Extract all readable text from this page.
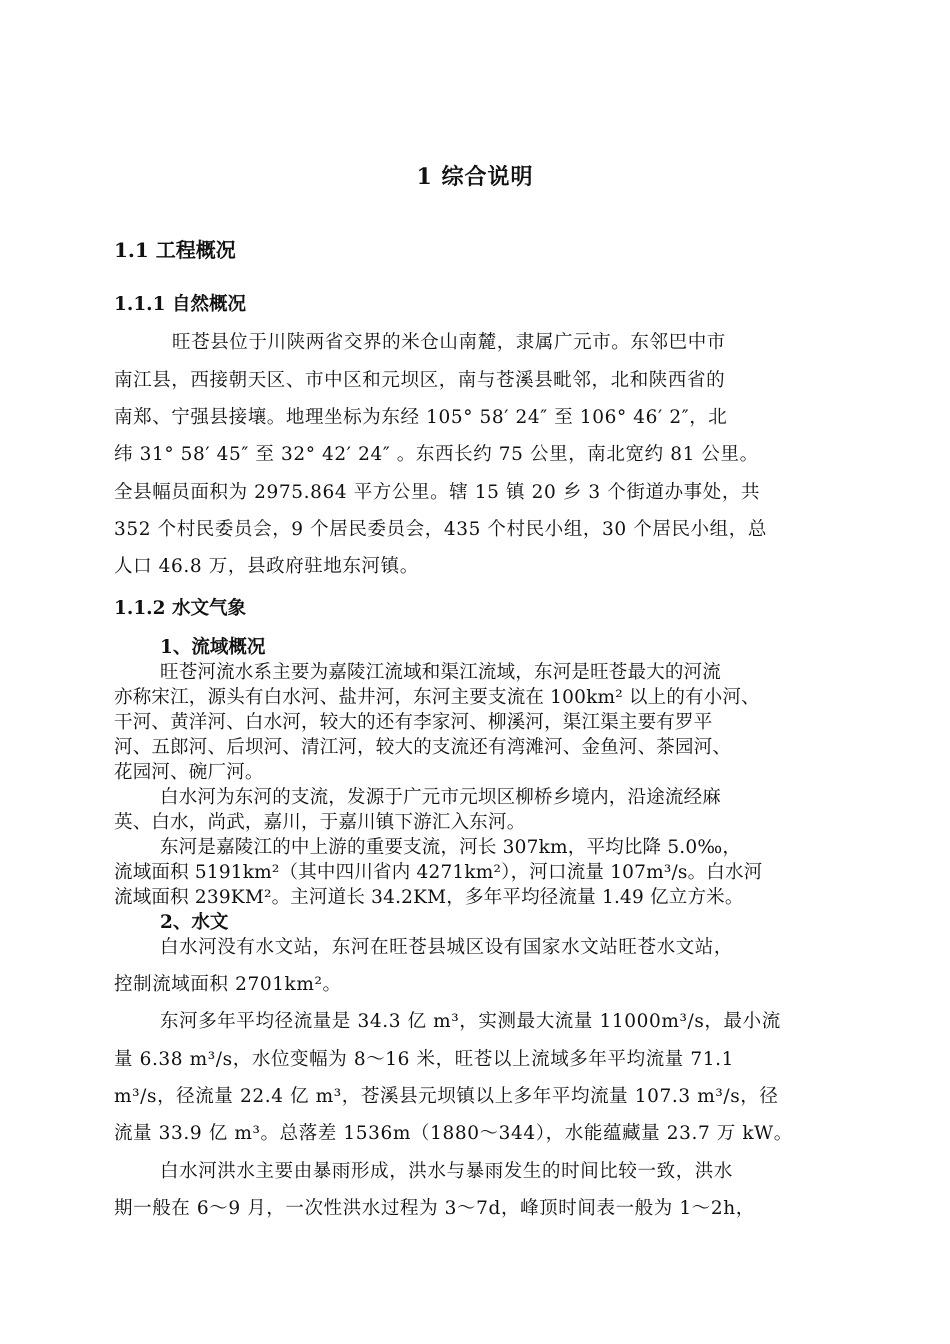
1 综合说明
1.1 工程概况
1.1.1 自然概况
旺苍县位于川陕两省交界的米仓山南麓，隶属广元市。东邻巴中市
南江县，西接朝天区、市中区和元坝区，南与苍溪县毗邻，北和陕西省的
南郑、宁强县接壤。地理坐标为东经 105° 58′ 24″ 至 106° 46′ 2″，北
纬 31° 58′ 45″ 至 32° 42′ 24″ 。东西长约 75 公里，南北宽约 81 公里。
全县幅员面积为 2975.864 平方公里。辖 15 镇 20 乡 3 个街道办事处，共
352 个村民委员会，9 个居民委员会，435 个村民小组，30 个居民小组，总
人口 46.8 万，县政府驻地东河镇。
1.1.2 水文气象
1、流域概况
旺苍河流水系主要为嘉陵江流域和渠江流域，东河是旺苍最大的河流
亦称宋江，源头有白水河、盐井河，东河主要支流在 100km² 以上的有小河、
干河、黄洋河、白水河，较大的还有李家河、柳溪河，渠江渠主要有罗平
河、五郎河、后坝河、清江河，较大的支流还有湾滩河、金鱼河、茶园河、
花园河、碗厂河。
白水河为东河的支流，发源于广元市元坝区柳桥乡境内，沿途流经麻
英、白水，尚武，嘉川，于嘉川镇下游汇入东河。
东河是嘉陵江的中上游的重要支流，河长 307km，平均比降 5.0‰，
流域面积 5191km²（其中四川省内 4271km²），河口流量 107m³/s。白水河
流域面积 239KM²。主河道长 34.2KM，多年平均径流量 1.49 亿立方米。
2、水文
白水河没有水文站，东河在旺苍县城区设有国家水文站旺苍水文站，
控制流域面积 2701km²。
东河多年平均径流量是 34.3 亿 m³，实测最大流量 11000m³/s，最小流
量 6.38 m³/s，水位变幅为 8～16 米，旺苍以上流域多年平均流量 71.1
m³/s，径流量 22.4 亿 m³，苍溪县元坝镇以上多年平均流量 107.3 m³/s，径
流量 33.9 亿 m³。总落差 1536m（1880～344），水能蕴藏量 23.7 万 kW。
白水河洪水主要由暴雨形成，洪水与暴雨发生的时间比较一致，洪水
期一般在 6～9 月，一次性洪水过程为 3～7d，峰顶时间表一般为 1～2h，
